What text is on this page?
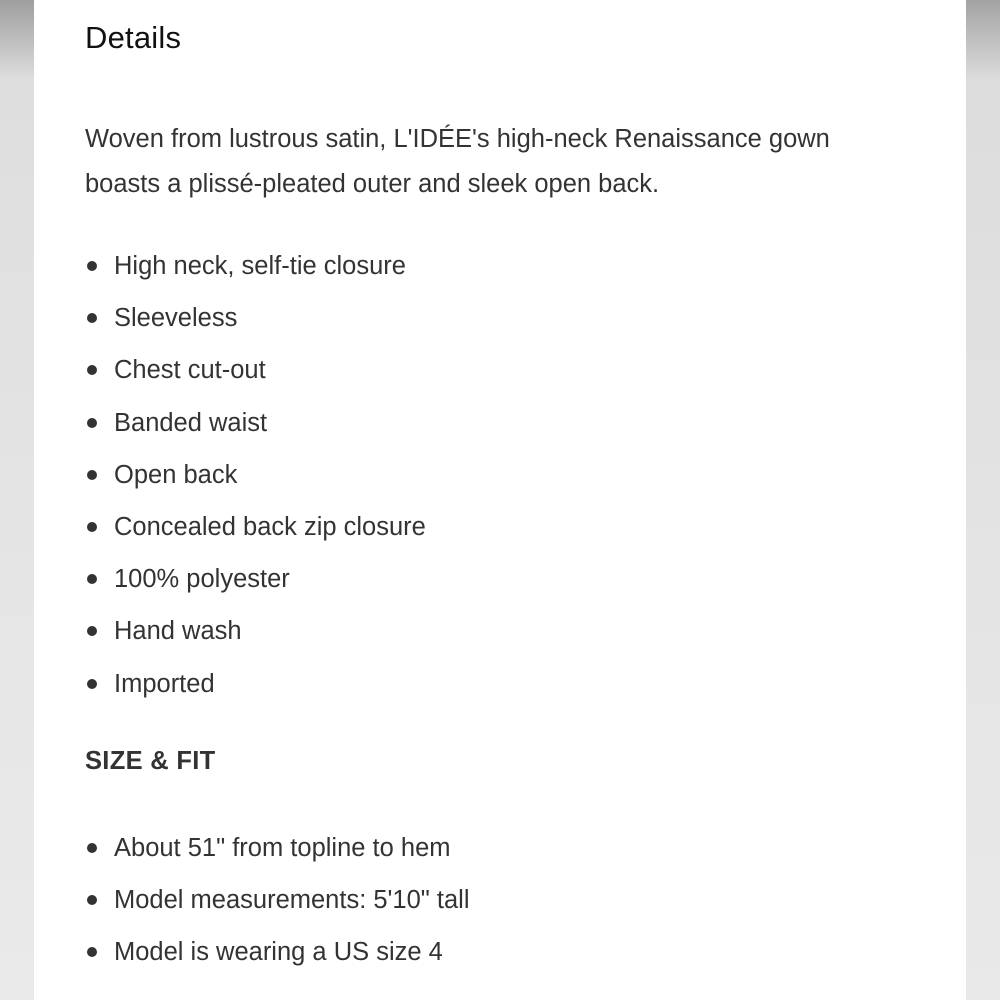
Details

Woven from lustrous satin, L'IDÉE's high-neck Renaissance gown boasts a plissé-pleated outer and sleek open back.

High neck, self-tie closure
Sleeveless
Chest cut-out
Banded waist
Open back
Concealed back zip closure
100% polyester
Hand wash
Imported
SIZE & FIT
About 51" from topline to hem
Model measurements: 5'10" tall
Model is wearing a US size 4
